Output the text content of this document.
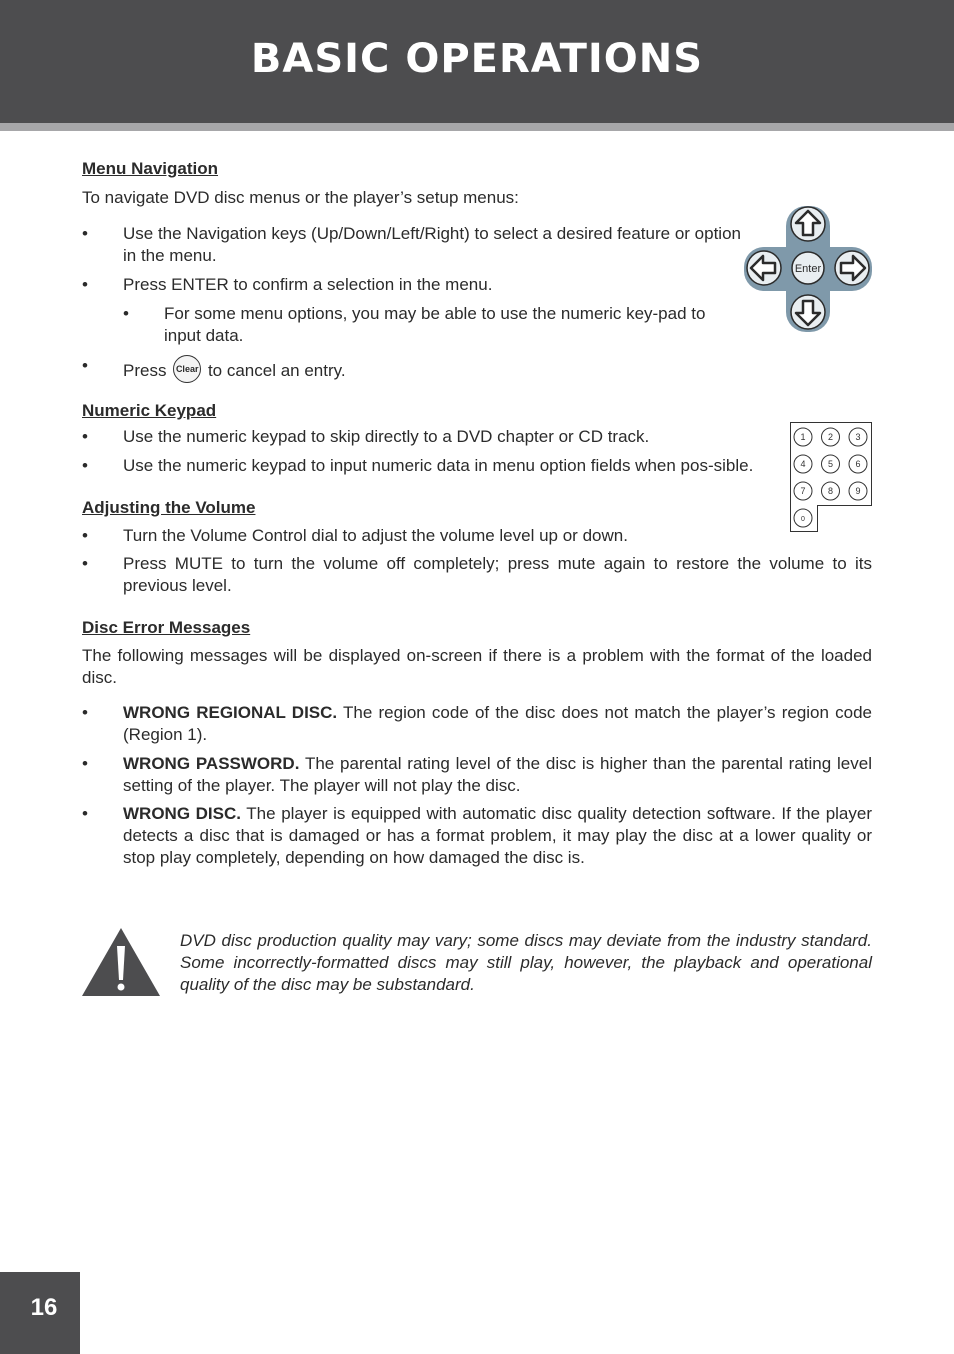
BASIC OPERATIONS
Menu Navigation

To navigate DVD disc menus or the player’s setup menus:

• Use the Navigation keys (Up/Down/Left/Right) to select a desired feature or option in the menu.
• Press ENTER to confirm a selection in the menu.
• For some menu options, you may be able to use the numeric key-pad to input data.
• Press Clear to cancel an entry.
Numeric Keypad
• Use the numeric keypad to skip directly to a DVD chapter or CD track.
• Use the numeric keypad to input numeric data in menu option fields when pos-sible.
Adjusting the Volume
• Turn the Volume Control dial to adjust the volume level up or down.
• Press MUTE to turn the volume off completely; press mute again to restore the volume to its previous level.
Disc Error Messages

The following messages will be displayed on-screen if there is a problem with the format of the loaded disc.

• WRONG REGIONAL DISC. The region code of the disc does not match the player’s region code (Region 1).
• WRONG PASSWORD. The parental rating level of the disc is higher than the parental rating level setting of the player. The player will not play the disc.
• WRONG DISC. The player is equipped with automatic disc quality detection software. If the player detects a disc that is damaged or has a format problem, it may play the disc at a lower quality or stop play completely, depending on how damaged the disc is.
Enter
1 2 3
4 5 6
7 8 9
0

DVD disc production quality may vary; some discs may deviate from the industry standard. Some incorrectly-formatted discs may still play, however, the playback and operational quality of the disc may be substandard.

16
